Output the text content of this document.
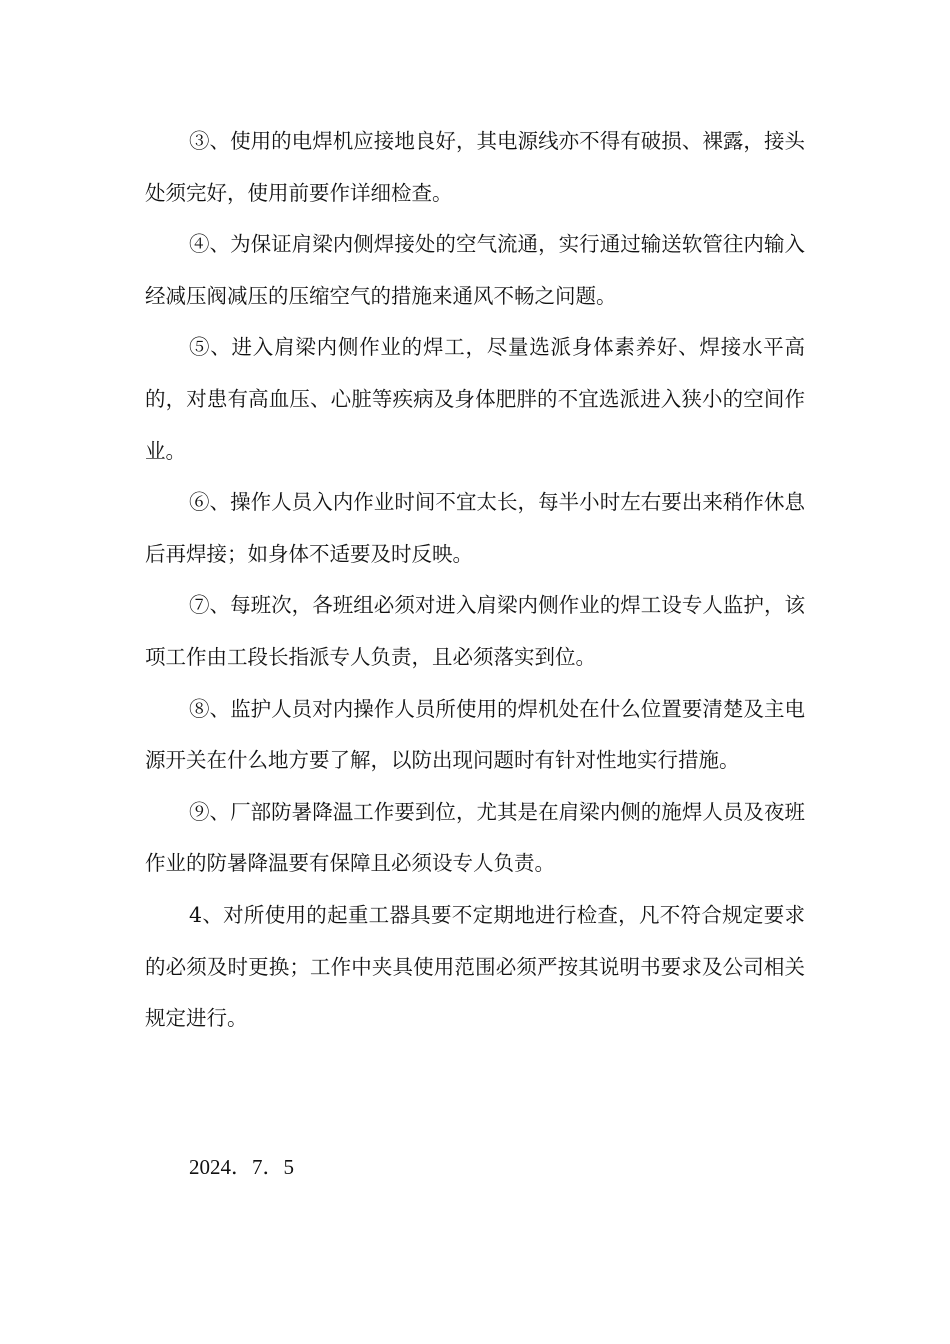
③、使用的电焊机应接地良好，其电源线亦不得有破损、裸露，接头处须完好，使用前要作详细检查。

④、为保证肩梁内侧焊接处的空气流通，实行通过输送软管往内输入经减压阀减压的压缩空气的措施来通风不畅之问题。

⑤、进入肩梁内侧作业的焊工，尽量选派身体素养好、焊接水平高的，对患有高血压、心脏等疾病及身体肥胖的不宜选派进入狭小的空间作业。

⑥、操作人员入内作业时间不宜太长，每半小时左右要出来稍作休息后再焊接；如身体不适要及时反映。

⑦、每班次，各班组必须对进入肩梁内侧作业的焊工设专人监护，该项工作由工段长指派专人负责，且必须落实到位。

⑧、监护人员对内操作人员所使用的焊机处在什么位置要清楚及主电源开关在什么地方要了解，以防出现问题时有针对性地实行措施。

⑨、厂部防暑降温工作要到位，尤其是在肩梁内侧的施焊人员及夜班作业的防暑降温要有保障且必须设专人负责。

4、对所使用的起重工器具要不定期地进行检查，凡不符合规定要求的必须及时更换；工作中夹具使用范围必须严按其说明书要求及公司相关规定进行。

2024．7．5
